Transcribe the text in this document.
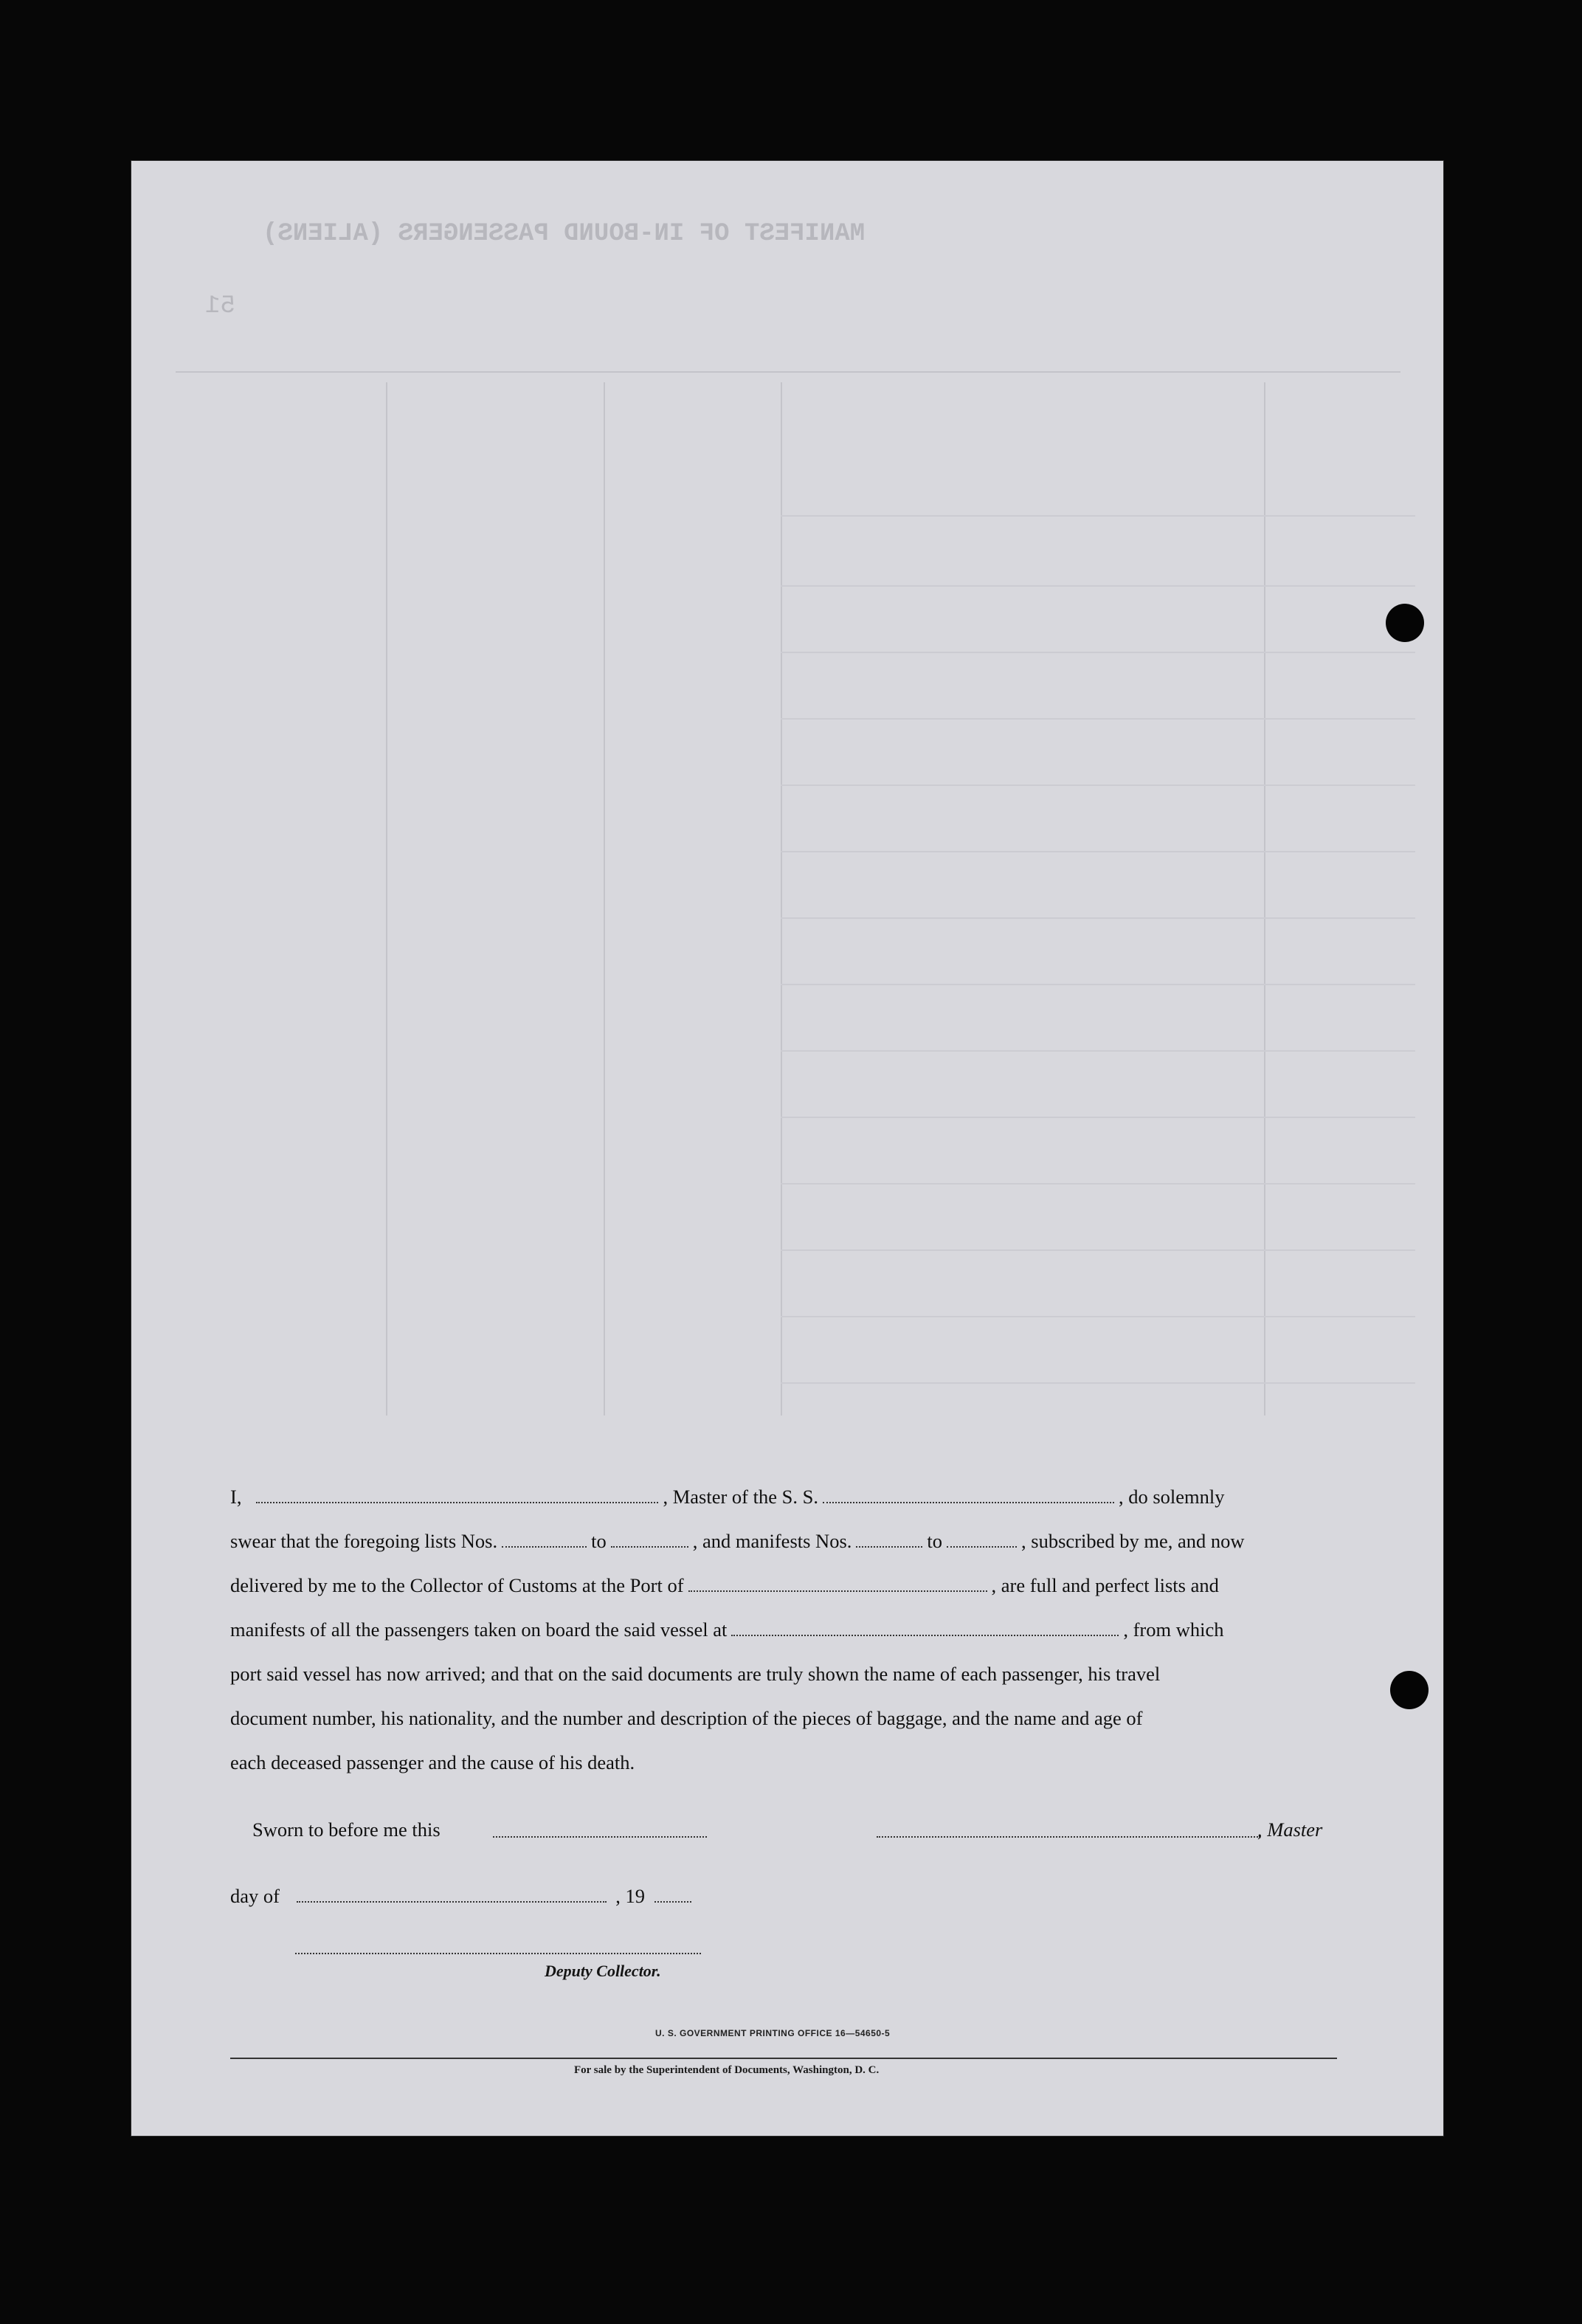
MANIFEST OF IN-BOUND PASSENGERS (ALIENS)
51
I,	, Master of the S. S.	, do solemnly
swear that the foregoing lists Nos.	to	, and manifests Nos.	to	, subscribed by me, and now
delivered by me to the Collector of Customs at the Port of	, are full and perfect lists and
manifests of all the passengers taken on board the said vessel at	, from which
port said vessel has now arrived; and that on the said documents are truly shown the name of each passenger, his travel
document number, his nationality, and the number and description of the pieces of baggage, and the name and age of
each deceased passenger and the cause of his death.
Sworn to before me this	, Master
day of	, 19
Deputy Collector.
U. S. GOVERNMENT PRINTING OFFICE 16—54650-5
For sale by the Superintendent of Documents, Washington, D. C.
